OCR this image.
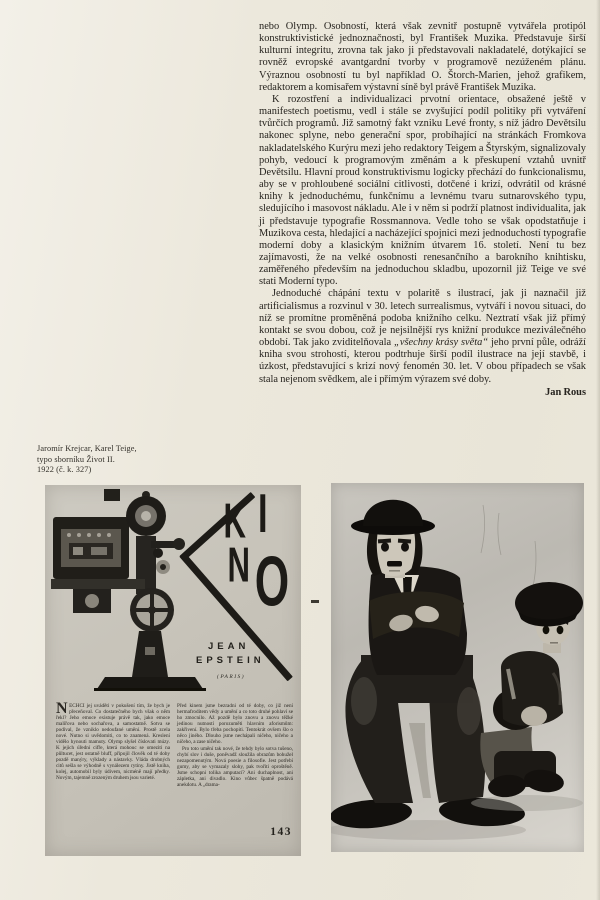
nebo Olymp. Osobností, která však zevnitř postupně vytvářela protipól konstruktivistické jednoznačnosti, byl František Muzika. Představuje širší kulturní integritu, zrovna tak jako ji představovali nakladatelé, dotýkající se rovněž evropské avantgardní tvorby v programově nezúženém plánu. Výraznou osobností tu byl například O. Štorch-Marien, jehož grafikem, redaktorem a komisařem výstavní síně byl právě František Muzika.

K rozostření a individualizaci prvotní orientace, obsažené ještě v manifestech poetismu, vedl i stále se zvyšující podíl politiky při vytváření tvůrčích programů. Již samotný fakt vzniku Levé fronty, s níž jádro Devětsilu nakonec splyne, nebo generační spor, probíhající na stránkách Fromkova nakladatelského Kurýru mezi jeho redaktory Teigem a Štyrským, signalizovaly pohyb, vedoucí k programovým změnám a k přeskupení vztahů uvnitř Devětsilu. Hlavní proud konstruktivismu logicky přechází do funkcionalismu, aby se v prohloubené sociální citlivosti, dotčené i krizí, odvrátil od krásné knihy k jednoduchému, funkčnímu a levnému tvaru sutnarovského typu, sledujícího i masovost nákladu. Ale i v něm si podrží platnost individualita, jak ji představuje typografie Rossmannova. Vedle toho se však opodstatňuje i Muzikova cesta, hledající a nacházející spojnici mezi jednoduchostí typografie moderní doby a klasickým knižním útvarem 16. století. Není tu bez zajímavosti, že na velké osobnosti renesančního a barokního knihtisku, zaměřeného především na jednoduchou skladbu, upozornil již Teige ve své stati Moderní typo.

Jednoduché chápání textu v polaritě s ilustrací, jak ji naznačil již artificialismus a rozvinul v 30. letech surrealismus, vytváří i novou situaci, do níž se promítne proměněná podoba knižního celku. Neztratí však již přímý kontakt se svou dobou, což je nejsilnější rys knižní produkce meziválečného období. Tak jako zviditelňovala „všechny krásy světa“ jeho první půle, odráží kniha svou strohostí, kterou podtrhuje širší podíl ilustrace na její stavbě, i úzkost, představující s krizí nový fenomén 30. let. V obou případech se však stala nejenom svědkem, ale i přímým výrazem své doby.

Jan Rous
Jaromír Krejcar, Karel Teige,
typo sborníku Život II.
1922 (č. k. 327)
K I
N O
JEAN
EPSTEIN
(PARIS)

NECHCI jej uváděti v pokušení tím, že bych je přeceňoval. Co dostatečného bych však o něm řekl? Jeho emoce existuje právě tak, jako emoce malířova nebo sochařova, a samostatně. Sotva se podíval, že vzniklo nedoufané umění. Prostě zcela nové. Nutno si uvědomiti, co to znamená. Kreslení vidělo hynouti mamuty. Olymp slyšel číslovati múzy. K jejich úřední cifře, která mohouc se omeziti na půltucet, jest ostatně bluff, připojil člověk od té doby pozdě manýry, výklady a nástavky. Vláda drobných citů sešla se výhodně s vynálezem rytiny. Jistě kniha, kolej, automobil byly údivem, nicméně mají předky. Novým, tajemně zrozeným druhem jsou varieté.

Před kinem jsme bezradni od té doby, co již není hermafroditem vědy a umění a co toto druhé pohlaví se ho zmocnilo. Až pozdě bylo znovu a znovu těžké jedinou nutností porozuměti hlavním aforismům: zakřivení. Bylo třeba pochopiti. Tentokrát ovšem šlo o něco jiného. Dlouho jsme nechápali ničeho, ničeho a ničeho, a zase ničeho.

Pro toto umění tak nové, že tehdy bylo sotva tušeno, chybí slov i duše, poněvadž sloužila obrazům bohužel nezapomenutým. Nová poesie a filosofie. Jest potřebí gumy, aby se vymazaly slohy, pak tvořiti oproštěně. Jsme schopni tolika amputací? Ani duchaplnost, ani zápletka, ani divadlo. Kino vůbec špatně podává anekdotu. A „drama-

143
